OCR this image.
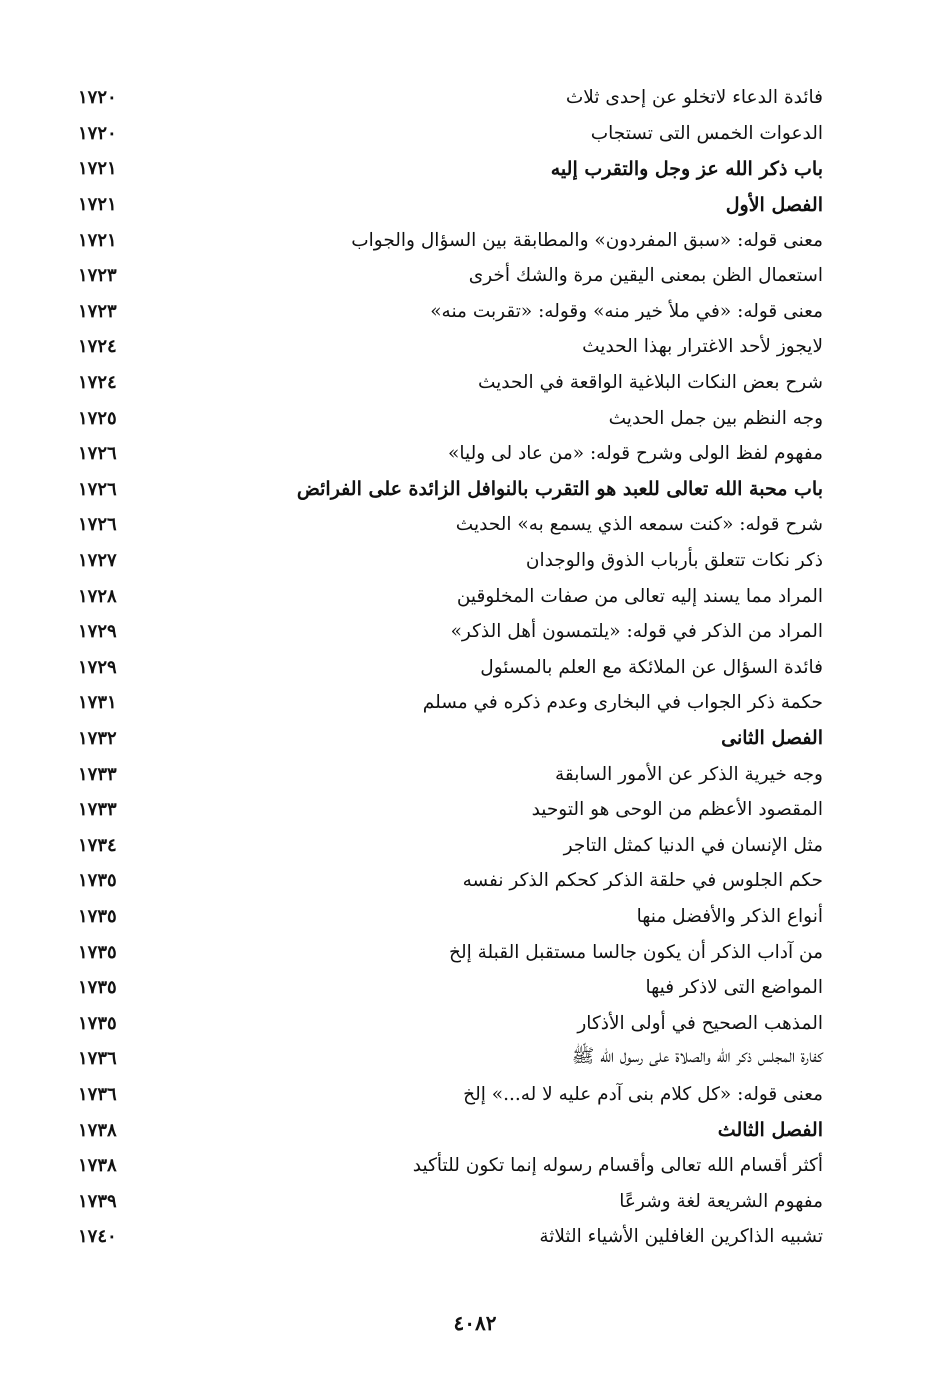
فائدة الدعاء لاتخلو عن إحدى ثلاث
١٧٢٠
الدعوات الخمس التى تستجاب
١٧٢٠
باب ذكر الله عز وجل والتقرب إليه
١٧٢١
الفصل الأول
١٧٢١
معنى قوله: «سبق المفردون» والمطابقة بين السؤال والجواب
١٧٢١
استعمال الظن بمعنى اليقين مرة والشك أخرى
١٧٢٣
معنى قوله: «في ملأ خير منه» وقوله: «تقربت منه»
١٧٢٣
لايجوز لأحد الاغترار بهذا الحديث
١٧٢٤
شرح بعض النكات البلاغية الواقعة في الحديث
١٧٢٤
وجه النظم بين جمل الحديث
١٧٢٥
مفهوم لفظ الولى وشرح قوله: «من عاد لى وليا»
١٧٢٦
باب محبة الله تعالى للعبد هو التقرب بالنوافل الزائدة على الفرائض
١٧٢٦
شرح قوله: «كنت سمعه الذي يسمع به» الحديث
١٧٢٦
ذكر نكات تتعلق بأرباب الذوق والوجدان
١٧٢٧
المراد مما يسند إليه تعالى من صفات المخلوقين
١٧٢٨
المراد من الذكر في قوله: «يلتمسون أهل الذكر»
١٧٢٩
فائدة السؤال عن الملائكة مع العلم بالمسئول
١٧٢٩
حكمة ذكر الجواب في البخارى وعدم ذكره في مسلم
١٧٣١
الفصل الثانى
١٧٣٢
وجه خيرية الذكر عن الأمور السابقة
١٧٣٣
المقصود الأعظم من الوحى هو التوحيد
١٧٣٣
مثل الإنسان في الدنيا كمثل التاجر
١٧٣٤
حكم الجلوس في حلقة الذكر كحكم الذكر نفسه
١٧٣٥
أنواع الذكر والأفضل منها
١٧٣٥
من آداب الذكر أن يكون جالسا مستقبل القبلة إلخ
١٧٣٥
المواضع التى لاذكر فيها
١٧٣٥
المذهب الصحيح في أولى الأذكار
١٧٣٥
كفارة المجلس ذكر الله والصلاة على رسول الله ﷺ
١٧٣٦
معنى قوله: «كل كلام بنى آدم عليه لا له...» إلخ
١٧٣٦
الفصل الثالث
١٧٣٨
أكثر أقسام الله تعالى وأقسام رسوله إنما تكون للتأكيد
١٧٣٨
مفهوم الشريعة لغة وشرعًا
١٧٣٩
تشبيه الذاكرين الغافلين الأشياء الثلاثة
١٧٤٠
٤٠٨٢
